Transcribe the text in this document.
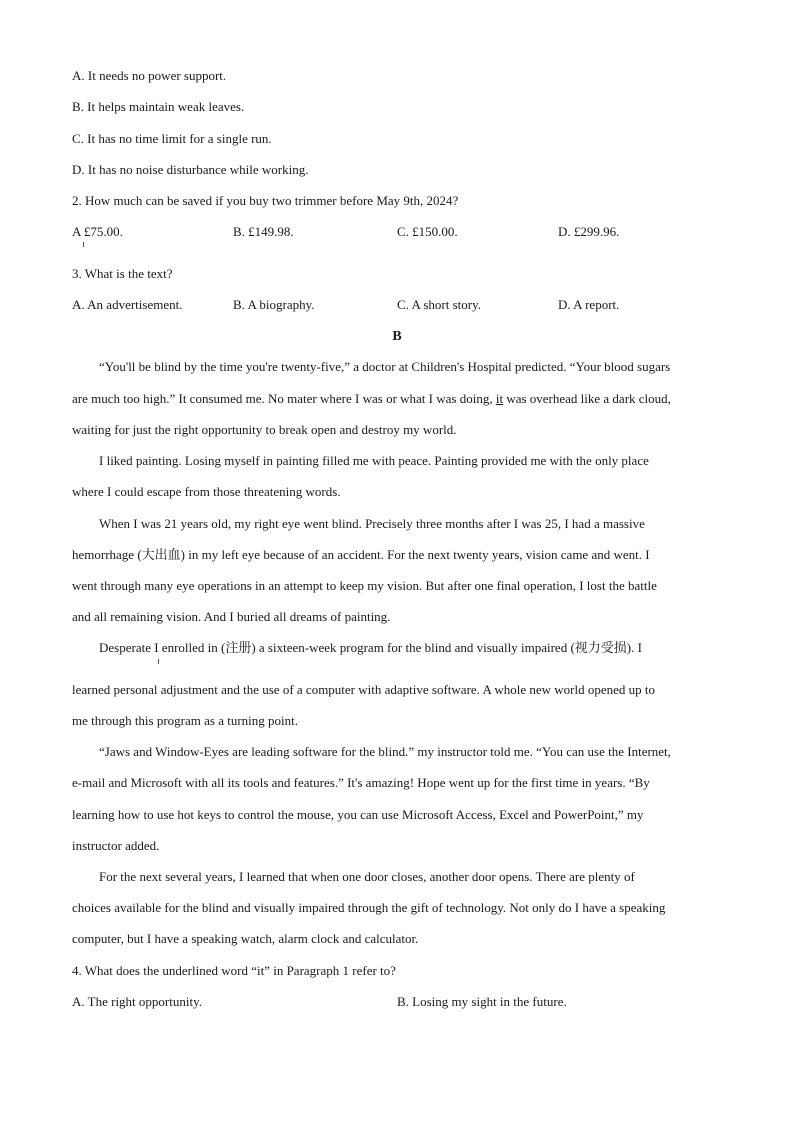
A. It needs no power support.
B. It helps maintain weak leaves.
C. It has no time limit for a single run.
D. It has no noise disturbance while working.
2. How much can be saved if you buy two trimmer before May 9th, 2024?
A £75.00.	B. £149.98.	C. £150.00.	D. £299.96.
3. What is the text?
A. An advertisement.	B. A biography.	C. A short story.	D. A report.
B
“You'll be blind by the time you're twenty-five,” a doctor at Children's Hospital predicted. “Your blood sugars
are much too high.” It consumed me. No mater where I was or what I was doing, it was overhead like a dark cloud,
waiting for just the right opportunity to break open and destroy my world.
I liked painting. Losing myself in painting filled me with peace. Painting provided me with the only place
where I could escape from those threatening words.
When I was 21 years old, my right eye went blind. Precisely three months after I was 25, I had a massive
hemorrhage (大出血) in my left eye because of an accident. For the next twenty years, vision came and went. I
went through many eye operations in an attempt to keep my vision. But after one final operation, I lost the battle
and all remaining vision. And I buried all dreams of painting.
Desperate I enrolled in (注册) a sixteen-week program for the blind and visually impaired (视力受损). I
learned personal adjustment and the use of a computer with adaptive software. A whole new world opened up to
me through this program as a turning point.
“Jaws and Window-Eyes are leading software for the blind.” my instructor told me. “You can use the Internet,
e-mail and Microsoft with all its tools and features.” It's amazing! Hope went up for the first time in years. “By
learning how to use hot keys to control the mouse, you can use Microsoft Access, Excel and PowerPoint,” my
instructor added.
For the next several years, I learned that when one door closes, another door opens. There are plenty of
choices available for the blind and visually impaired through the gift of technology. Not only do I have a speaking
computer, but I have a speaking watch, alarm clock and calculator.
4. What does the underlined word “it” in Paragraph 1 refer to?
A. The right opportunity.	B. Losing my sight in the future.
